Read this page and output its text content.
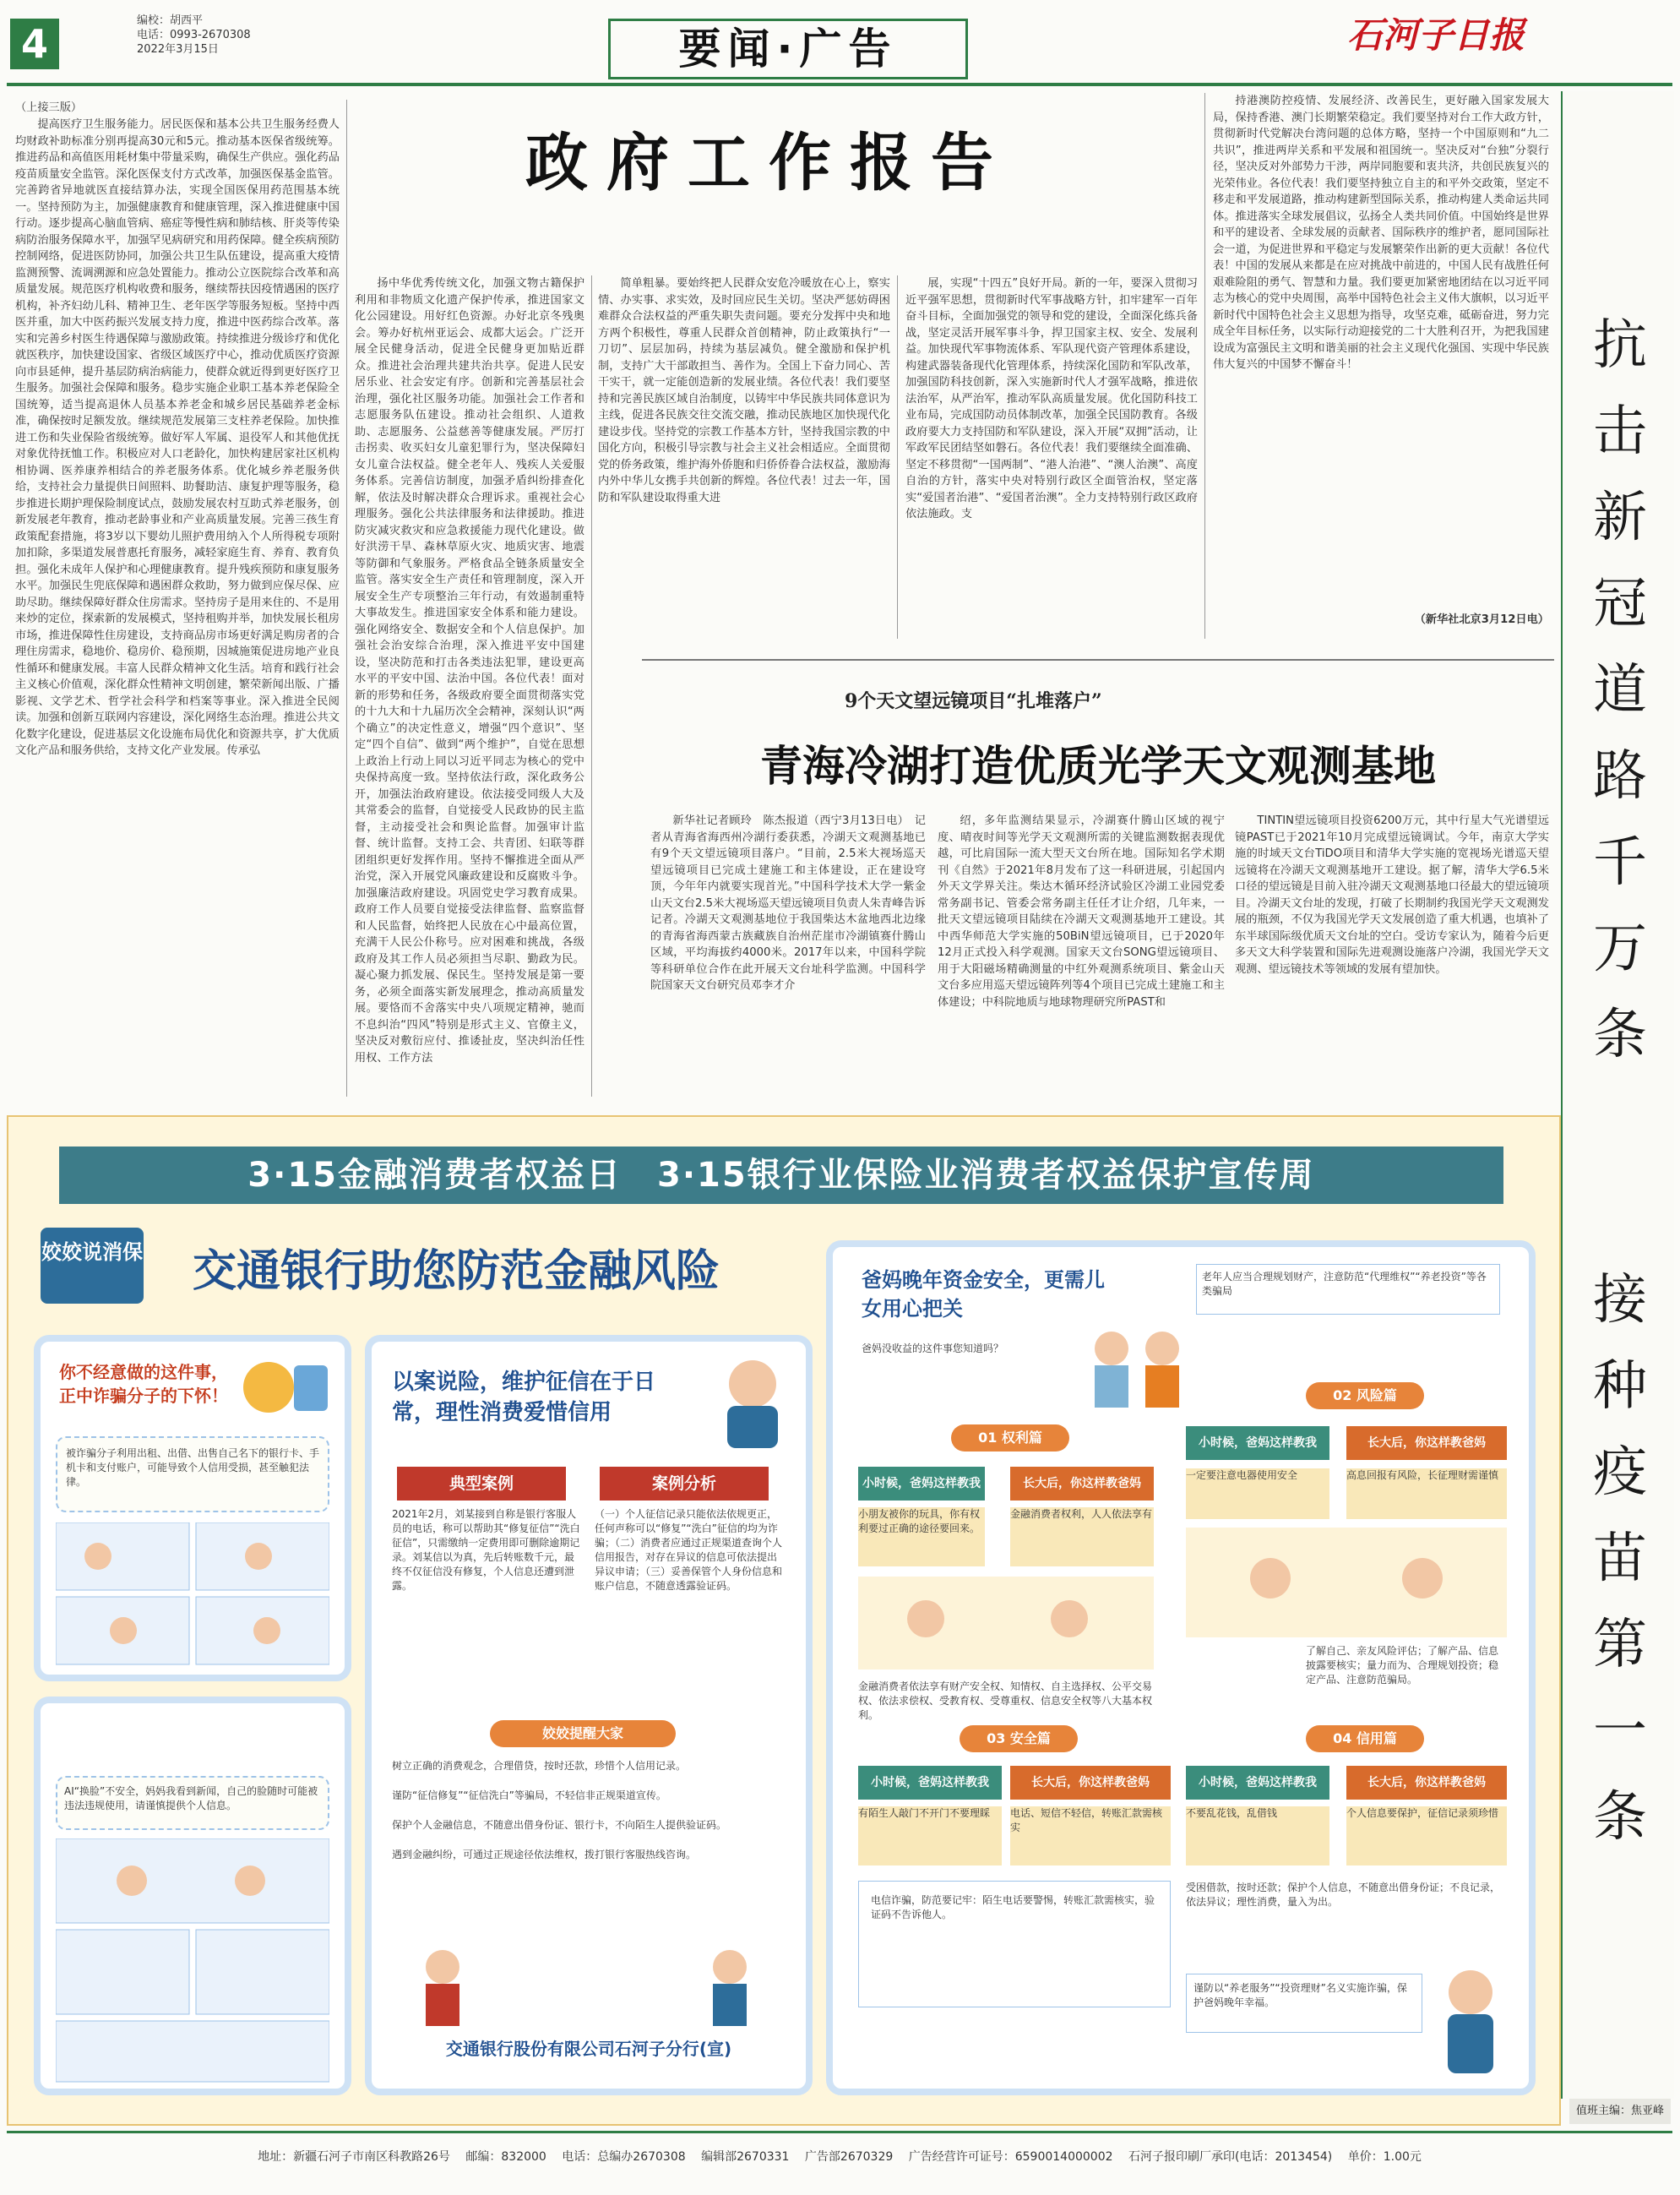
4
编校：胡西平
电话：0993-2670308
2022年3月15日	要闻·广告	石河子日报
政府工作报告
（上接三版）
提高医疗卫生服务能力。居民医保和基本公共卫生服务经费人均财政补助标准分别再提高30元和5元。推动基本医保省级统筹。推进药品和高值医用耗材集中带量采购，确保生产供应。强化药品疫苗质量安全监管。深化医保支付方式改革，加强医保基金监管。完善跨省异地就医直接结算办法，实现全国医保用药范围基本统一。坚持预防为主，加强健康教育和健康管理，深入推进健康中国行动。逐步提高心脑血管病、癌症等慢性病和肺结核、肝炎等传染病防治服务保障水平，加强罕见病研究和用药保障。健全疾病预防控制网络，促进医防协同，加强公共卫生队伍建设，提高重大疫情监测预警、流调溯源和应急处置能力。推动公立医院综合改革和高质量发展。规范医疗机构收费和服务，继续帮扶因疫情遇困的医疗机构，补齐妇幼儿科、精神卫生、老年医学等服务短板。坚持中西医并重，加大中医药振兴发展支持力度，推进中医药综合改革。落实和完善乡村医生待遇保障与激励政策。持续推进分级诊疗和优化就医秩序，加快建设国家、省级区域医疗中心，推动优质医疗资源向市县延伸，提升基层防病治病能力，使群众就近得到更好医疗卫生服务。加强社会保障和服务。稳步实施企业职工基本养老保险全国统筹，适当提高退休人员基本养老金和城乡居民基础养老金标准，确保按时足额发放。继续规范发展第三支柱养老保险。加快推进工伤和失业保险省级统筹。做好军人军属、退役军人和其他优抚对象优待抚恤工作。积极应对人口老龄化，加快构建居家社区机构相协调、医养康养相结合的养老服务体系。优化城乡养老服务供给，支持社会力量提供日间照料、助餐助洁、康复护理等服务，稳步推进长期护理保险制度试点，鼓励发展农村互助式养老服务，创新发展老年教育，推动老龄事业和产业高质量发展。完善三孩生育政策配套措施，将3岁以下婴幼儿照护费用纳入个人所得税专项附加扣除，多渠道发展普惠托育服务，减轻家庭生育、养育、教育负担。强化未成年人保护和心理健康教育。提升残疾预防和康复服务水平。加强民生兜底保障和遇困群众救助，努力做到应保尽保、应助尽助。继续保障好群众住房需求。坚持房子是用来住的、不是用来炒的定位，探索新的发展模式，坚持租购并举，加快发展长租房市场，推进保障性住房建设，支持商品房市场更好满足购房者的合理住房需求，稳地价、稳房价、稳预期，因城施策促进房地产业良性循环和健康发展。丰富人民群众精神文化生活。培育和践行社会主义核心价值观，深化群众性精神文明创建，繁荣新闻出版、广播影视、文学艺术、哲学社会科学和档案等事业。深入推进全民阅读。加强和创新互联网内容建设，深化网络生态治理。推进公共文化数字化建设，促进基层文化设施布局优化和资源共享，扩大优质文化产品和服务供给，支持文化产业发展。传承弘
扬中华优秀传统文化，加强文物古籍保护利用和非物质文化遗产保护传承，推进国家文化公园建设。用好红色资源。办好北京冬残奥会。筹办好杭州亚运会、成都大运会。广泛开展全民健身活动，促进全民健身更加贴近群众。推进社会治理共建共治共享。促进人民安居乐业、社会安定有序。创新和完善基层社会治理，强化社区服务功能。加强社会工作者和志愿服务队伍建设。推动社会组织、人道救助、志愿服务、公益慈善等健康发展。严厉打击拐卖、收买妇女儿童犯罪行为，坚决保障妇女儿童合法权益。健全老年人、残疾人关爱服务体系。完善信访制度，加强矛盾纠纷排查化解，依法及时解决群众合理诉求。重视社会心理服务。强化公共法律服务和法律援助。推进防灾减灾救灾和应急救援能力现代化建设。做好洪涝干旱、森林草原火灾、地质灾害、地震等防御和气象服务。严格食品全链条质量安全监管。落实安全生产责任和管理制度，深入开展安全生产专项整治三年行动，有效遏制重特大事故发生。推进国家安全体系和能力建设。强化网络安全、数据安全和个人信息保护。加强社会治安综合治理，深入推进平安中国建设，坚决防范和打击各类违法犯罪，建设更高水平的平安中国、法治中国。各位代表！面对新的形势和任务，各级政府要全面贯彻落实党的十九大和十九届历次全会精神，深刻认识“两个确立”的决定性意义，增强“四个意识”、坚定“四个自信”、做到“两个维护”，自觉在思想上政治上行动上同以习近平同志为核心的党中央保持高度一致。坚持依法行政，深化政务公开，加强法治政府建设。依法接受同级人大及其常委会的监督，自觉接受人民政协的民主监督，主动接受社会和舆论监督。加强审计监督、统计监督。支持工会、共青团、妇联等群团组织更好发挥作用。坚持不懈推进全面从严治党，深入开展党风廉政建设和反腐败斗争。加强廉洁政府建设。巩固党史学习教育成果。政府工作人员要自觉接受法律监督、监察监督和人民监督，始终把人民放在心中最高位置，充满干人民公仆称号。应对困难和挑战，各级政府及其工作人员必须担当尽职、勤政为民。凝心聚力抓发展、保民生。坚持发展是第一要务，必须全面落实新发展理念，推动高质量发展。要恪而不舍落实中央八项规定精神，驰而不息纠治“四风”特别是形式主义、官僚主义，坚决反对敷衍应付、推诿扯皮，坚决纠治任性用权、工作方法
简单粗暴。要始终把人民群众安危冷暖放在心上，察实情、办实事、求实效，及时回应民生关切。坚决严惩妨碍困难群众合法权益的严重失职失责问题。要充分发挥中央和地方两个积极性，尊重人民群众首创精神，防止政策执行“一刀切”、层层加码，持续为基层减负。健全激励和保护机制，支持广大干部敢担当、善作为。全国上下奋力同心、苦干实干，就一定能创造新的发展业绩。各位代表！我们要坚持和完善民族区域自治制度，以铸牢中华民族共同体意识为主线，促进各民族交往交流交融，推动民族地区加快现代化建设步伐。坚持党的宗教工作基本方针，坚持我国宗教的中国化方向，积极引导宗教与社会主义社会相适应。全面贯彻党的侨务政策，维护海外侨胞和归侨侨眷合法权益，激励海内外中华儿女携手共创新的辉煌。各位代表！过去一年，国防和军队建设取得重大进
展，实现“十四五”良好开局。新的一年，要深入贯彻习近平强军思想，贯彻新时代军事战略方针，扣牢建军一百年奋斗目标，全面加强党的领导和党的建设，全面深化练兵备战，坚定灵活开展军事斗争，捍卫国家主权、安全、发展利益。加快现代军事物流体系、军队现代资产管理体系建设，构建武器装备现代化管理体系，持续深化国防和军队改革，加强国防科技创新，深入实施新时代人才强军战略，推进依法治军，从严治军，推动军队高质量发展。优化国防科技工业布局，完成国防动员体制改革，加强全民国防教育。各级政府要大力支持国防和军队建设，深入开展“双拥”活动，让军政军民团结坚如磐石。各位代表！我们要继续全面准确、坚定不移贯彻“一国两制”、“港人治港”、“澳人治澳”、高度自治的方针，落实中央对特别行政区全面管治权，坚定落实“爱国者治港”、“爱国者治澳”。全力支持特别行政区政府依法施政。支
持港澳防控疫情、发展经济、改善民生，更好融入国家发展大局，保持香港、澳门长期繁荣稳定。我们要坚持对台工作大政方针，贯彻新时代党解决台湾问题的总体方略，坚持一个中国原则和“九二共识”，推进两岸关系和平发展和祖国统一。坚决反对“台独”分裂行径，坚决反对外部势力干涉，两岸同胞要和衷共济，共创民族复兴的光荣伟业。各位代表！我们要坚持独立自主的和平外交政策，坚定不移走和平发展道路，推动构建新型国际关系，推动构建人类命运共同体。推进落实全球发展倡议，弘扬全人类共同价值。中国始终是世界和平的建设者、全球发展的贡献者、国际秩序的维护者，愿同国际社会一道，为促进世界和平稳定与发展繁荣作出新的更大贡献！各位代表！中国的发展从来都是在应对挑战中前进的，中国人民有战胜任何艰难险阻的勇气、智慧和力量。我们要更加紧密地团结在以习近平同志为核心的党中央周围，高举中国特色社会主义伟大旗帜，以习近平新时代中国特色社会主义思想为指导，攻坚克难，砥砺奋进，努力完成全年目标任务，以实际行动迎接党的二十大胜利召开，为把我国建设成为富强民主文明和谐美丽的社会主义现代化强国、实现中华民族伟大复兴的中国梦不懈奋斗！
（新华社北京3月12日电）
9个天文望远镜项目“扎堆落户”
青海冷湖打造优质光学天文观测基地
新华社记者顾玲　陈杰报道（西宁3月13日电）　记者从青海省海西州冷湖行委获悉，冷湖天文观测基地已有9个天文望远镜项目落户。“目前，2.5米大视场巡天望远镜项目已完成土建施工和主体建设，正在建设穹顶，今年年内就要实现首光。”中国科学技术大学一紫金山天文台2.5米大视场巡天望远镜项目负责人朱青峰告诉记者。冷湖天文观测基地位于我国柴达木盆地西北边缘的青海省海西蒙古族藏族自治州茫崖市冷湖镇赛什腾山区域，平均海拔约4000米。2017年以来，中国科学院等科研单位合作在此开展天文台址科学监测。中国科学院国家天文台研究员邓李才介
绍，多年监测结果显示，冷湖赛什腾山区域的视宁度、晴夜时间等光学天文观测所需的关键监测数据表现优越，可比肩国际一流大型天文台所在地。国际知名学术期刊《自然》于2021年8月发布了这一科研进展，引起国内外天文学界关注。柴达木循环经济试验区冷湖工业园党委常务副书记、管委会常务副主任任才让介绍，几年来，一批天文望远镜项目陆续在冷湖天文观测基地开工建设。其中西华师范大学实施的50BiN望远镜项目，已于2020年12月正式投入科学观测。国家天文台SONG望远镜项目、用于大阳磁场精确测量的中红外观测系统项目、紫金山天文台多应用巡天望远镜阵列等4个项目已完成土建施工和主体建设；中科院地质与地球物理研究所PAST和
TINTIN望远镜项目投资6200万元，其中行星大气光谱望远镜PAST已于2021年10月完成望远镜调试。今年，南京大学实施的时域天文台TiDO项目和清华大学实施的宽视场光谱巡天望远镜将在冷湖天文观测基地开工建设。据了解，清华大学6.5米口径的望远镜是目前入驻冷湖天文观测基地口径最大的望远镜项目。冷湖天文台址的发现，打破了长期制约我国光学天文观测发展的瓶颈，不仅为我国光学天文发展创造了重大机遇，也填补了东半球国际级优质天文台址的空白。受访专家认为，随着今后更多天文大科学装置和国际先进观测设施落户冷湖，我国光学天文观测、望远镜技术等领域的发展有望加快。
抗击新冠道路千万条
接种疫苗第一条
值班主编：焦亚峰
3·15金融消费者权益日　3·15银行业保险业消费者权益保护宣传周
姣姣说消保 交通银行助您防范金融风险
你不经意做的这件事，正中诈骗分子的下怀！
被诈骗分子利用出租、出借、出售自己名下的银行卡、手机卡和支付账户，可能导致个人信用受损，甚至触犯法律。
AI“换脸”不安全，妈妈我看到新闻，自己的脸随时可能被违法违规使用，请谨慎提供个人信息。
以案说险，维护征信在于日常，理性消费爱惜信用
典型案例	案例分析
2021年2月，刘某接到自称是银行客服人员的电话，称可以帮助其“修复征信”“洗白征信”，只需缴纳一定费用即可删除逾期记录。刘某信以为真，先后转账数千元，最终不仅征信没有修复，个人信息还遭到泄露。
（一）个人征信记录只能依法依规更正，任何声称可以“修复”“洗白”征信的均为诈骗；（二）消费者应通过正规渠道查询个人信用报告，对存在异议的信息可依法提出异议申请；（三）妥善保管个人身份信息和账户信息，不随意透露验证码。
姣姣提醒大家
树立正确的消费观念，合理借贷，按时还款，珍惜个人信用记录。
谨防“征信修复”“征信洗白”等骗局，不轻信非正规渠道宣传。
保护个人金融信息，不随意出借身份证、银行卡，不向陌生人提供验证码。
遇到金融纠纷，可通过正规途径依法维权，拨打银行客服热线咨询。
交通银行股份有限公司石河子分行(宣)
爸妈晚年资金安全，更需儿女用心把关
老年人应当合理规划财产，注意防范“代理维权”“养老投资”等各类骗局
爸妈没收益的这件事您知道吗？
01 权利篇
小时候，爸妈这样教我	长大后，你这样教爸妈
小朋友被你的玩具，你有权利要过正确的途径要回来。
金融消费者权利，人人依法享有
金融消费者依法享有财产安全权、知情权、自主选择权、公平交易权、依法求偿权、受教育权、受尊重权、信息安全权等八大基本权利。
02 风险篇
小时候，爸妈这样教我	长大后，你这样教爸妈
一定要注意电器使用安全	高息回报有风险，长征理财需谨慎
了解自己、亲友风险评估；了解产品、信息披露要核实；量力而为、合理规划投资；稳定产品、注意防范骗局。
03 安全篇
小时候，爸妈这样教我	长大后，你这样教爸妈
有陌生人敲门不开门不要理睬	电话、短信不轻信，转账汇款需核实
电信诈骗，防范要记牢：陌生电话要警惕，转账汇款需核实，验证码不告诉他人。
04 信用篇
小时候，爸妈这样教我	长大后，你这样教爸妈
不要乱花钱，乱借钱	个人信息要保护，征信记录须珍惜
受困借款，按时还款；保护个人信息，不随意出借身份证；不良记录，依法异议；理性消费，量入为出。
谨防以“养老服务”“投资理财”名义实施诈骗，保护爸妈晚年幸福。
地址：新疆石河子市南区科教路26号　 邮编：832000　 电话：总编办2670308　 编辑部2670331　 广告部2670329　 广告经营许可证号：6590014000002　 石河子报印刷厂承印(电话：2013454)　 单价：1.00元
